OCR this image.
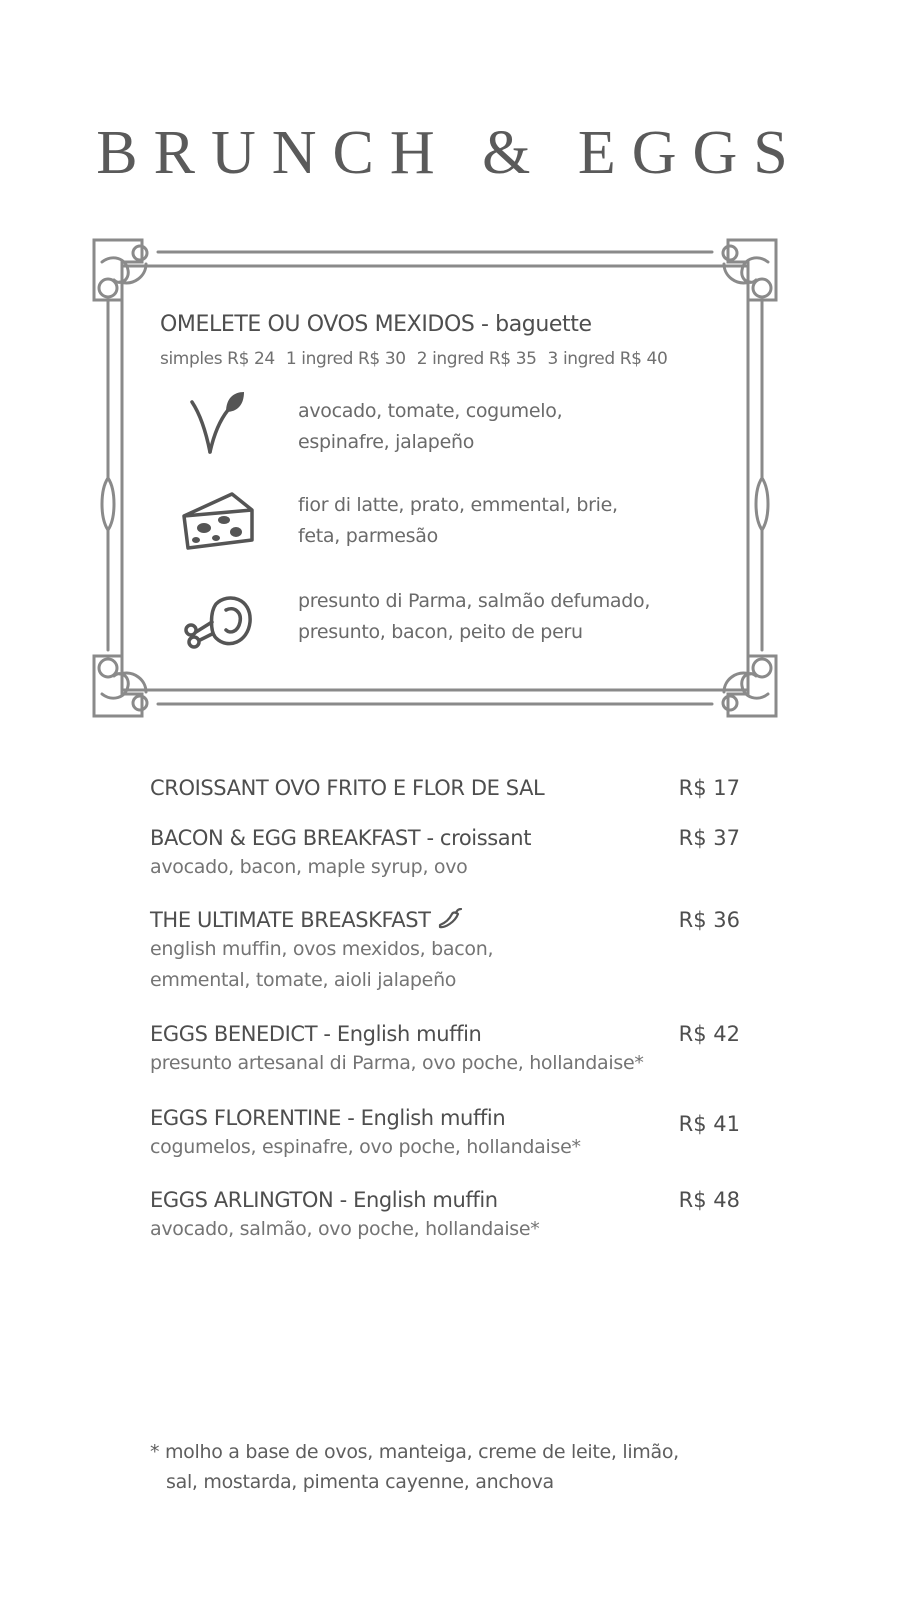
BRUNCH & EGGS
OMELETE OU OVOS MEXIDOS - baguette
simples R$ 24 1 ingred R$ 30 2 ingred R$ 35 3 ingred R$ 40
avocado, tomate, cogumelo,
espinafre, jalapeño
fior di latte, prato, emmental, brie,
feta, parmesão
presunto di Parma, salmão defumado,
presunto, bacon, peito de peru
CROISSANT OVO FRITO E FLOR DE SAL	R$ 17
BACON & EGG BREAKFAST - croissant	R$ 37
avocado, bacon, maple syrup, ovo
THE ULTIMATE BREASKFAST	R$ 36
english muffin, ovos mexidos, bacon,
emmental, tomate, aioli jalapeño
EGGS BENEDICT - English muffin	R$ 42
presunto artesanal di Parma, ovo poche, hollandaise*
EGGS FLORENTINE - English muffin	R$ 41
cogumelos, espinafre, ovo poche, hollandaise*
EGGS ARLINGTON - English muffin	R$ 48
avocado, salmão, ovo poche, hollandaise*
* molho a base de ovos, manteiga, creme de leite, limão,
sal, mostarda, pimenta cayenne, anchova
